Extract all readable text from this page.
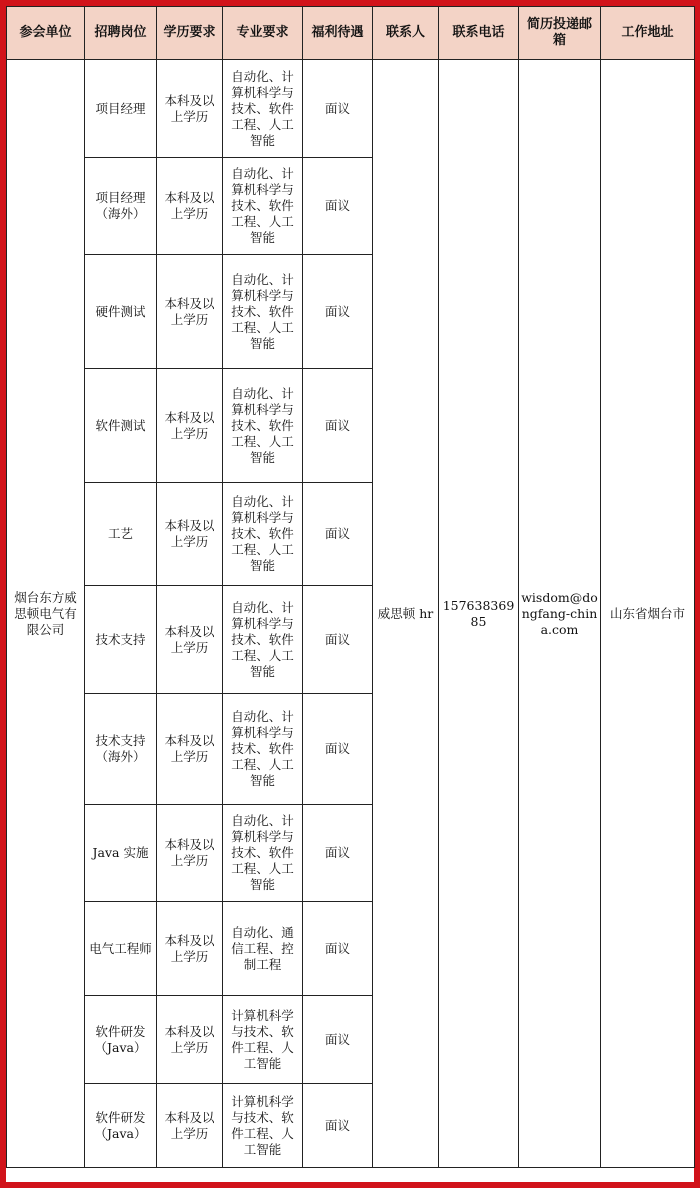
参会单位	招聘岗位	学历要求	专业要求	福利待遇	联系人	联系电话	简历投递邮箱	工作地址
烟台东方威思顿电气有限公司	项目经理	本科及以上学历	自动化、计算机科学与技术、软件工程、人工智能	面议	威思顿 hr	15763836985	wisdom@dongfang-china.com	山东省烟台市
	项目经理（海外）	本科及以上学历	自动化、计算机科学与技术、软件工程、人工智能	面议				
	硬件测试	本科及以上学历	自动化、计算机科学与技术、软件工程、人工智能	面议				
	软件测试	本科及以上学历	自动化、计算机科学与技术、软件工程、人工智能	面议				
	工艺	本科及以上学历	自动化、计算机科学与技术、软件工程、人工智能	面议				
	技术支持	本科及以上学历	自动化、计算机科学与技术、软件工程、人工智能	面议				
	技术支持（海外）	本科及以上学历	自动化、计算机科学与技术、软件工程、人工智能	面议				
	Java 实施	本科及以上学历	自动化、计算机科学与技术、软件工程、人工智能	面议				
	电气工程师	本科及以上学历	自动化、通信工程、控制工程	面议				
	软件研发（Java）	本科及以上学历	计算机科学与技术、软件工程、人工智能	面议				
	软件研发（Java）	本科及以上学历	计算机科学与技术、软件工程、人工智能	面议				
